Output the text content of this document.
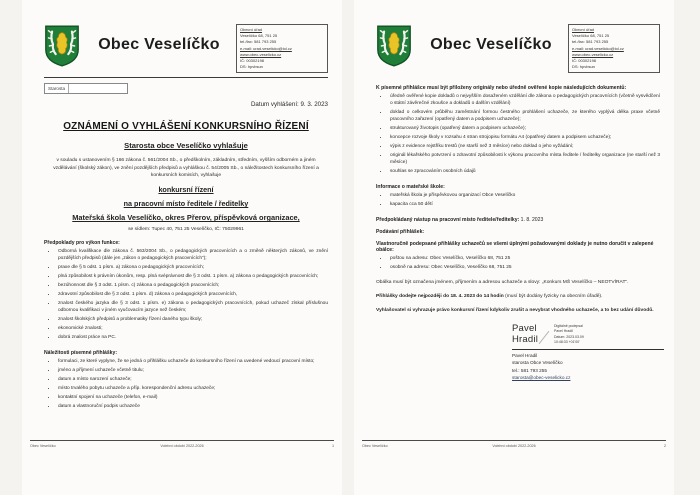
Obec Veselíčko
Obecní úřad
Veselíčko 68, 751 25
tel./fax: 581 793 255
e-mail: urad.veselicko@iol.cz
www.obec-veselicko.cz
IČ: 00302198
DS: hpvbsun
Starosta
Datum vyhlášení: 9. 3. 2023
OZNÁMENÍ O VYHLÁŠENÍ KONKURSNÍHO ŘÍZENÍ
Starosta obce Veselíčko vyhlašuje
v souladu s ustanovením § 166 zákona č. 561/2004 Sb., o předškolním, základním, středním, vyšším odborném a jiném vzdělávání (školský zákon), ve znění pozdějších předpisů a vyhláškou č. 54/2005 Sb., o náležitostech konkursního řízení a konkursních komisích, vyhlašuje
konkursní řízení
na pracovní místo ředitele / ředitelky
Mateřská škola Veselíčko, okres Přerov, příspěvková organizace,
se sídlem: Tupec 40, 751 25 Veselíčko, IČ: 75029961
Předpoklady pro výkon funkce:
• Odborná kvalifikace dle zákona č. 563/2004 Sb., o pedagogických pracovnících a o změně některých zákonů, ve znění pozdějších předpisů (dále jen „zákon o pedagogických pracovnících“);
• praxe dle § 5 odst. 1 písm. a) zákona o pedagogických pracovnících;
• plná způsobilost k právním úkonům, resp. plná svéprávnost dle § 3 odst. 1 písm. a) zákona o pedagogických pracovnících;
• bezúhonnost dle § 3 odst. 1 písm. c) zákona o pedagogických pracovnících;
• zdravotní způsobilost dle § 3 odst. 1 písm. d) zákona o pedagogických pracovnících,
• znalost českého jazyka dle § 3 odst. 1 písm. e) zákona o pedagogických pracovnících, pokud uchazeč získal příslušnou odbornou kvalifikaci v jiném vyučovacím jazyce než českém;
• znalost školských předpisů a problematiky řízení daného typu školy;
• ekonomické znalosti;
• dobrá znalost práce na PC.
Náležitosti písemné přihlášky:
• formulaci, ze které vyplyne, že se jedná o přihlášku uchazeče do konkursního řízení na uvedené vedoucí pracovní místo;
• jméno a příjmení uchazeče včetně titulu;
• datum a místo narození uchazeče;
• místo trvalého pobytu uchazeče a příp. korespondenční adresu uchazeče;
• kontaktní spojení na uchazeče (telefon, e-mail)
• datum a vlastnoruční podpis uchazeče
Obec Veselíčko	Volební období 2022-2026	1
Obec Veselíčko
Obecní úřad
Veselíčko 68, 751 25
tel./fax: 581 793 255
e-mail: urad.veselicko@iol.cz
www.obec-veselicko.cz
IČ: 00302198
DS: hpvbsun
K písemné přihlášce musí být přiloženy originály nebo úředně ověřené kopie následujících dokumentů:
• úředně ověřené kopie dokladů o nejvyšším dosaženém vzdělání dle zákona o pedagogických pracovnících (včetně vysvědčení o státní závěrečné zkoušce a dokladů o dalším vzdělání)
• doklad o celkovém průběhu zaměstnání formou čestného prohlášení uchazeče, ze kterého vyplývá délka praxe včetně pracovního zařazení (opatřený datem a podpisem uchazeče);
• strukturovaný životopis (opatřený datem a podpisem uchazeče);
• koncepce rozvoje školy v rozsahu 4 stran strojopisu formátu A4 (opatřený datem a podpisem uchazeče);
• výpis z evidence rejstříku trestů (ne starší než 3 měsíce) nebo doklad o jeho vyžádání;
• originál lékařského potvrzení o zdravotní způsobilosti k výkonu pracovního místa ředitele / ředitelky organizace (ne starší než 3 měsíce)
• souhlas se zpracováním osobních údajů
Informace o mateřské škole:
• mateřská škola je příspěvkovou organizací Obce Veselíčko
• kapacita cca 50 dětí
Předpokládaný nástup na pracovní místo ředitele/ředitelky: 1. 8. 2023
Podávání přihlášek:
Vlastnoručně podepsané přihlášky uchazečů se všemi úplnými požadovanými doklady je nutno doručit v zalepené obálce:
• poštou na adresu: Obec Veselíčko, Veselíčko 68, 751 25
• osobně na adresu: Obec Veselíčko, Veselíčko 68, 751 25
Obálka musí být označena jménem, příjmením a adresou uchazeče a slovy: „Konkurs MŠ Veselíčko – NEOTVÍRAT“.
Přihlášky dodejte nejpozději do 18. 4. 2023 do 14 hodin (musí být dodány fyzicky na obecním úřadě).
Vyhlašovatel si vyhrazuje právo konkursní řízení kdykoliv zrušit a nevybrat vhodného uchazeče, a to bez udání důvodů.
Pavel
Hradil
Digitálně podepsal
Pavel Hradil
Datum: 2023.03.09
10:48:33 +01'00'
Pavel Hradil
starosta Obce Veselíčko
tel.: 581 793 255
starosta@obec-veselicko.cz
Obec Veselíčko	Volební období 2022-2026	2
